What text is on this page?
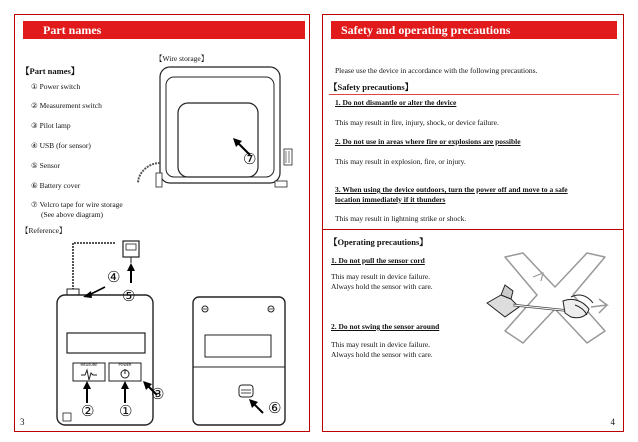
Part names
【Wire storage】
【Part names】
① Power switch
② Measurement switch
③ Pilot lamp
④ USB (for sensor)
⑤ Sensor
⑥ Battery cover
⑦ Velcro tape for wire storage
(See above diagram)
【Reference】
⑦
MEASURE	POWER
④
⑤
② ①
③
⑥
3
Safety and operating precautions
Please use the device in accordance with the following precautions.
【Safety precautions】
1. Do not dismantle or alter the device
This may result in fire, injury, shock, or device failure.
2. Do not use in areas where fire or explosions are possible
This may result in explosion, fire, or injury.
3. When using the device outdoors, turn the power off and move to a safe
location immediately if it thunders
This may result in lightning strike or shock.
【Operating precautions】
1. Do not pull the sensor cord
This may result in device failure.
Always hold the sensor with care.
2. Do not swing the sensor around
This may result in device failure.
Always hold the sensor with care.
4
